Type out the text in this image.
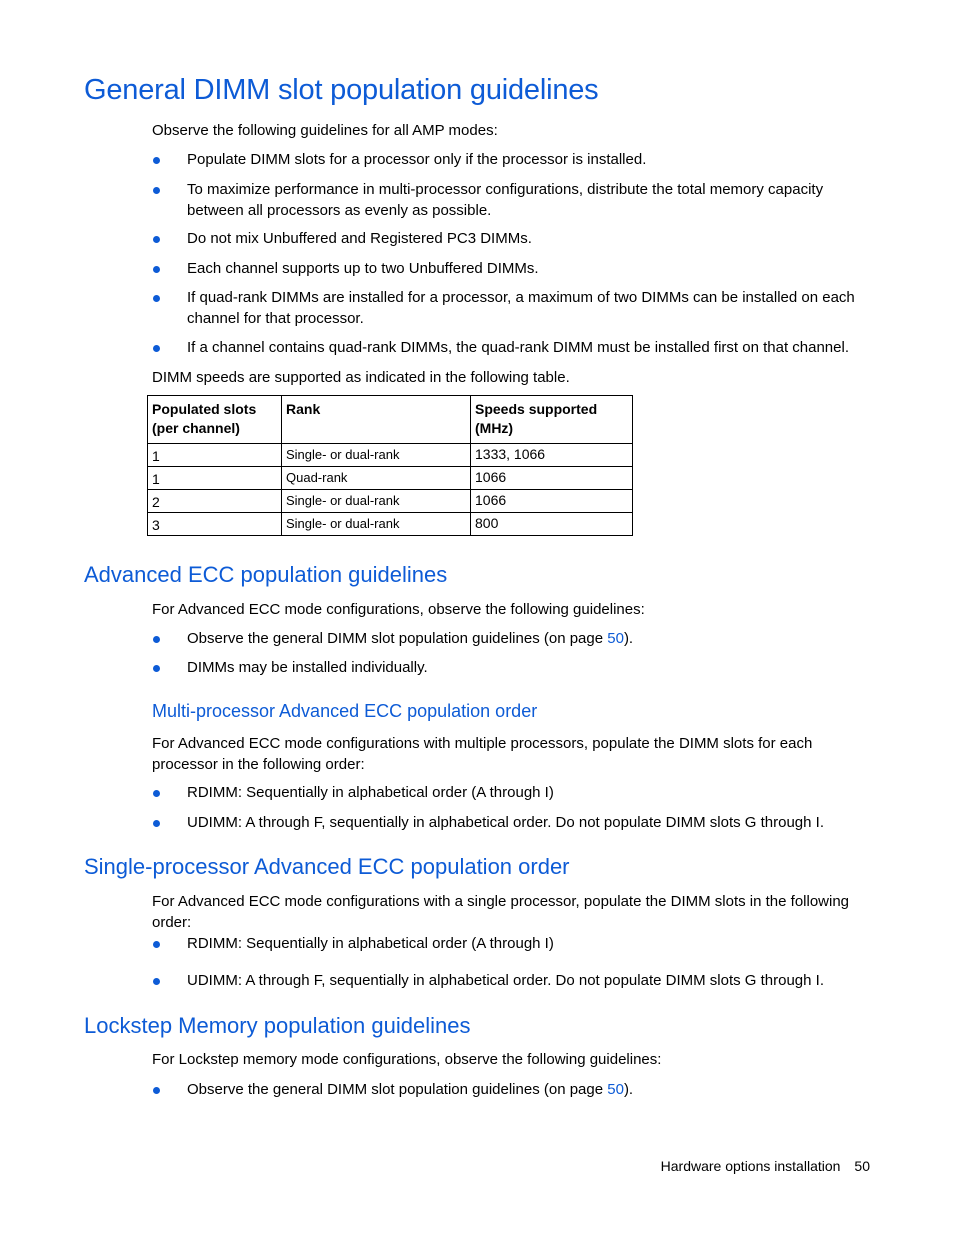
General DIMM slot population guidelines

Observe the following guidelines for all AMP modes:

Populate DIMM slots for a processor only if the processor is installed.
To maximize performance in multi-processor configurations, distribute the total memory capacity between all processors as evenly as possible.
Do not mix Unbuffered and Registered PC3 DIMMs.
Each channel supports up to two Unbuffered DIMMs.
If quad-rank DIMMs are installed for a processor, a maximum of two DIMMs can be installed on each channel for that processor.
If a channel contains quad-rank DIMMs, the quad-rank DIMM must be installed first on that channel.

DIMM speeds are supported as indicated in the following table.

Populated slots (per channel)	Rank	Speeds supported (MHz)
1	Single- or dual-rank	1333, 1066
1	Quad-rank	1066
2	Single- or dual-rank	1066
3	Single- or dual-rank	800
Advanced ECC population guidelines

For Advanced ECC mode configurations, observe the following guidelines:

Observe the general DIMM slot population guidelines (on page 50).
DIMMs may be installed individually.
Multi-processor Advanced ECC population order

For Advanced ECC mode configurations with multiple processors, populate the DIMM slots for each processor in the following order:

RDIMM: Sequentially in alphabetical order (A through I)
UDIMM: A through F, sequentially in alphabetical order. Do not populate DIMM slots G through I.
Single-processor Advanced ECC population order

For Advanced ECC mode configurations with a single processor, populate the DIMM slots in the following order:

RDIMM: Sequentially in alphabetical order (A through I)
UDIMM: A through F, sequentially in alphabetical order. Do not populate DIMM slots G through I.
Lockstep Memory population guidelines

For Lockstep memory mode configurations, observe the following guidelines:

Observe the general DIMM slot population guidelines (on page 50).
Hardware options installation 50
